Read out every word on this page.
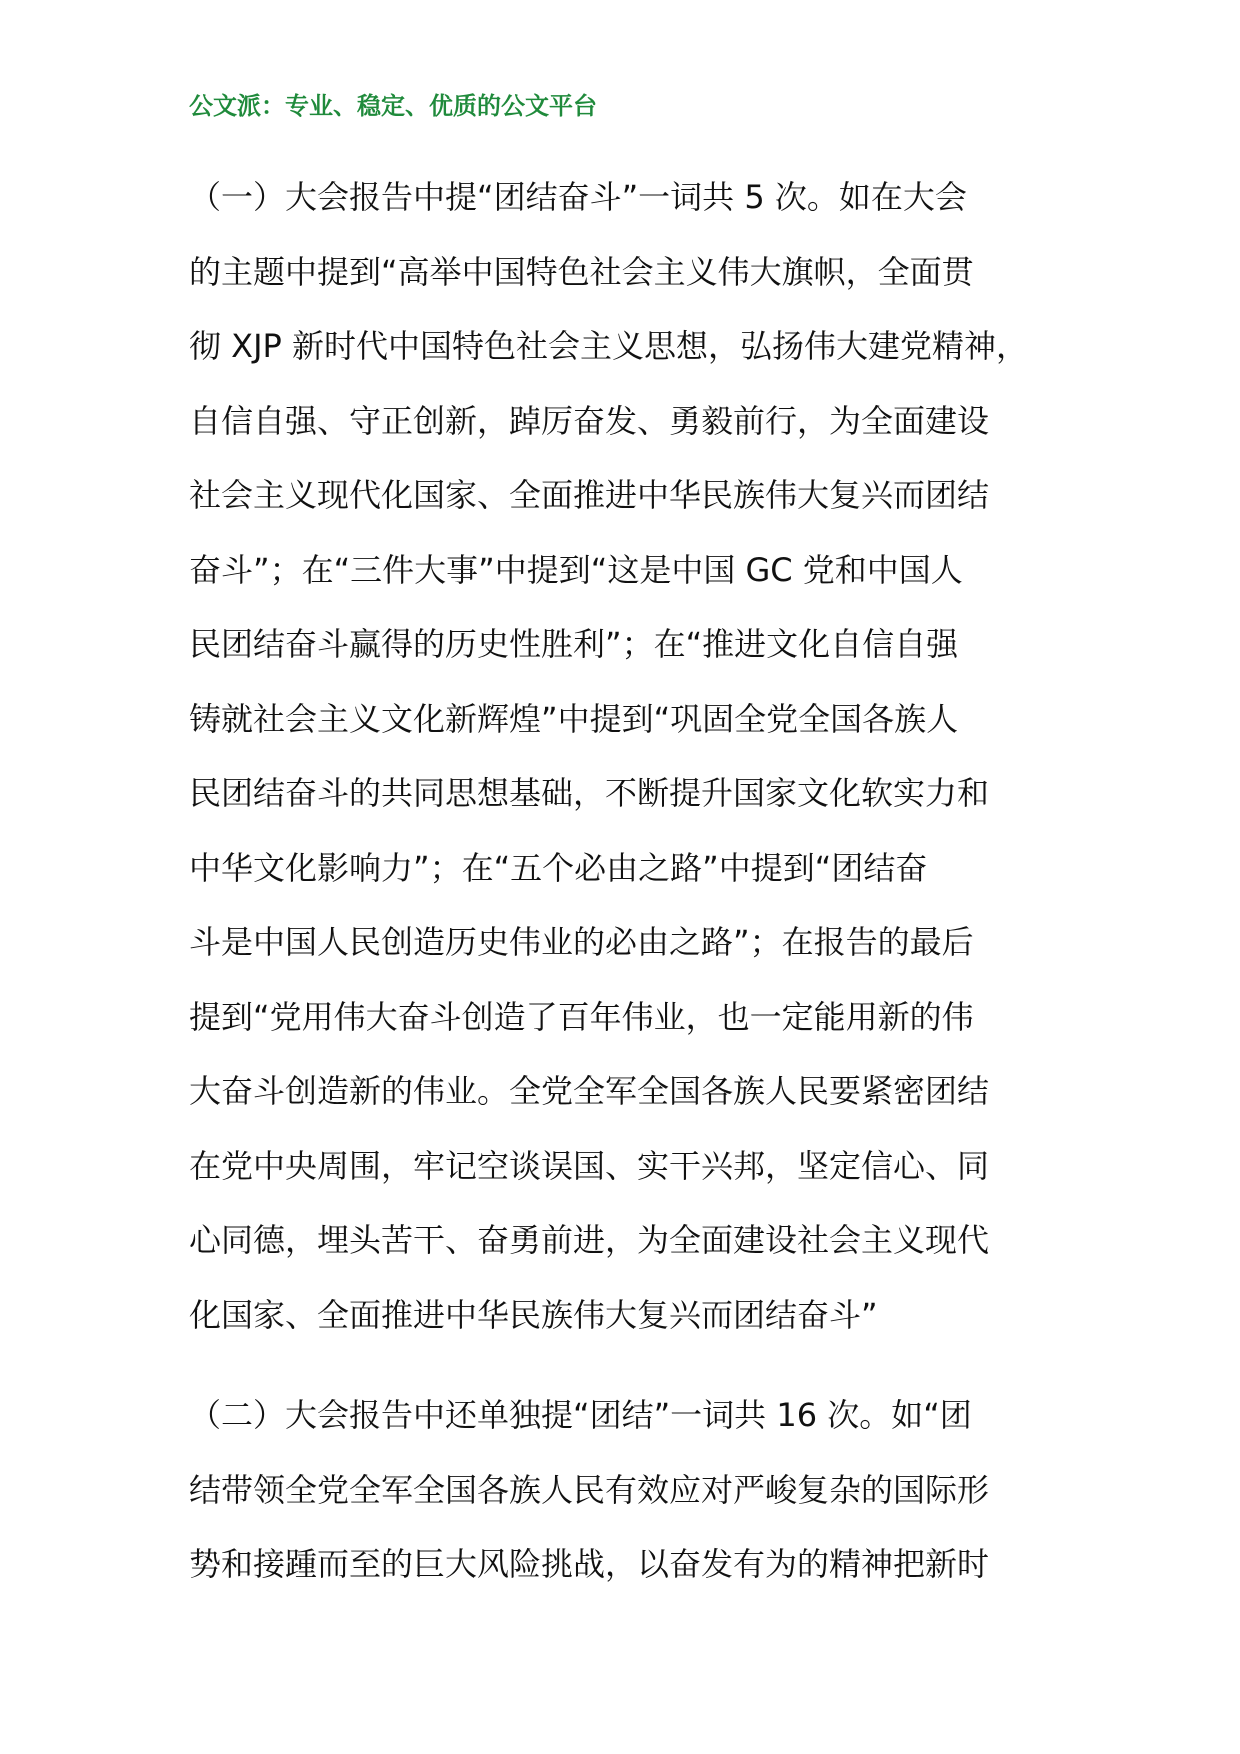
公文派：专业、稳定、优质的公文平台
（一）大会报告中提“团结奋斗”一词共 5 次。如在大会
的主题中提到“高举中国特色社会主义伟大旗帜，全面贯
彻 XJP 新时代中国特色社会主义思想，弘扬伟大建党精神，
自信自强、守正创新，踔厉奋发、勇毅前行，为全面建设
社会主义现代化国家、全面推进中华民族伟大复兴而团结
奋斗”；在“三件大事”中提到“这是中国 GC 党和中国人
民团结奋斗赢得的历史性胜利”；在“推进文化自信自强
铸就社会主义文化新辉煌”中提到“巩固全党全国各族人
民团结奋斗的共同思想基础，不断提升国家文化软实力和
中华文化影响力”；在“五个必由之路”中提到“团结奋
斗是中国人民创造历史伟业的必由之路”；在报告的最后
提到“党用伟大奋斗创造了百年伟业，也一定能用新的伟
大奋斗创造新的伟业。全党全军全国各族人民要紧密团结
在党中央周围，牢记空谈误国、实干兴邦，坚定信心、同
心同德，埋头苦干、奋勇前进，为全面建设社会主义现代
化国家、全面推进中华民族伟大复兴而团结奋斗”
（二）大会报告中还单独提“团结”一词共 16 次。如“团
结带领全党全军全国各族人民有效应对严峻复杂的国际形
势和接踵而至的巨大风险挑战，以奋发有为的精神把新时
